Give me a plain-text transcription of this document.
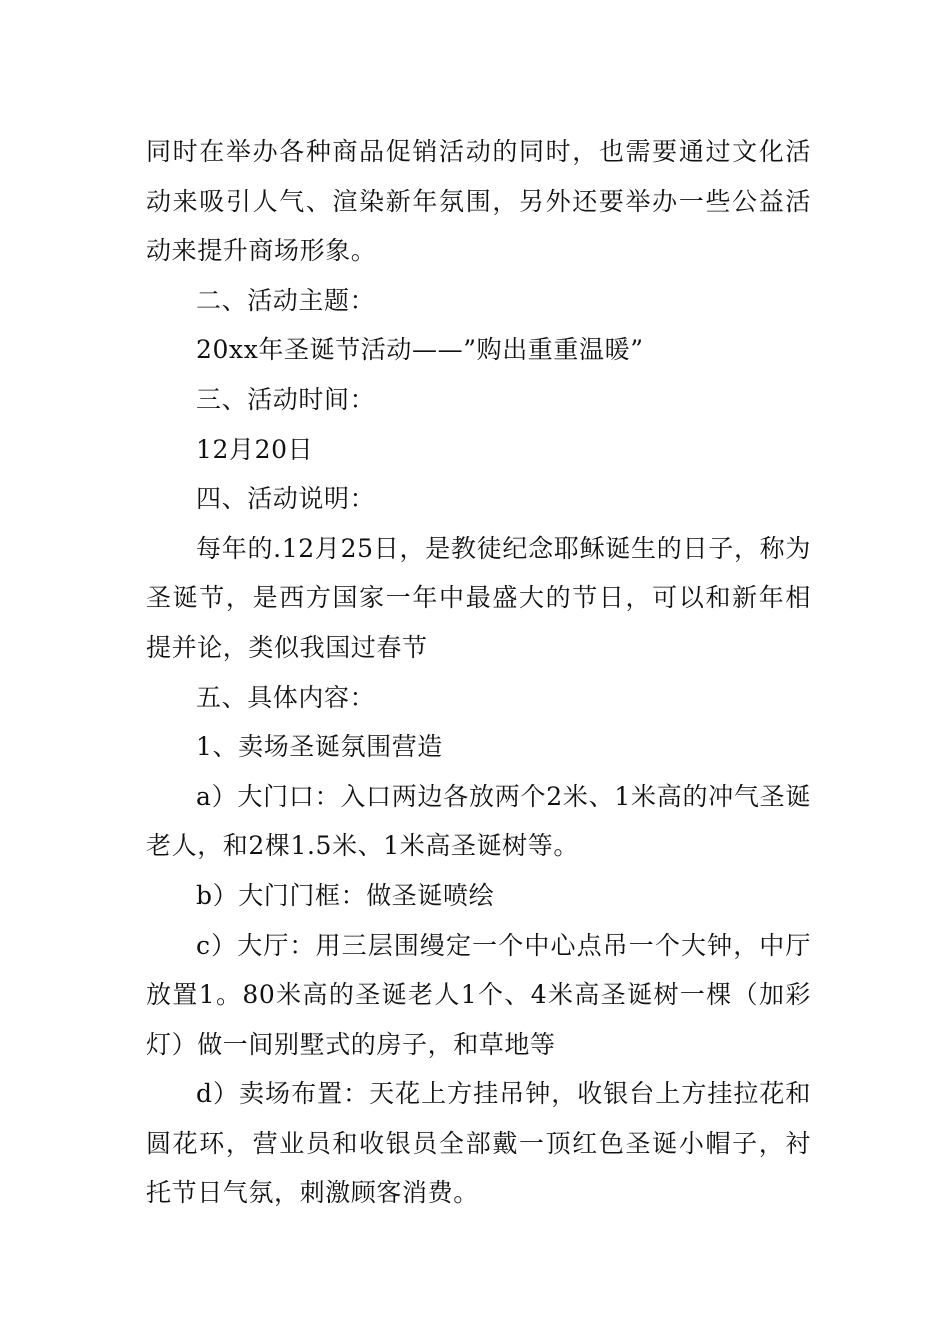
同时在举办各种商品促销活动的同时，也需要通过文化活动来吸引人气、渲染新年氛围，另外还要举办一些公益活动来提升商场形象。

二、活动主题：

20xx年圣诞节活动——”购出重重温暖”

三、活动时间：

12月20日

四、活动说明：

每年的.12月25日，是教徒纪念耶稣诞生的日子，称为圣诞节，是西方国家一年中最盛大的节日，可以和新年相提并论，类似我国过春节

五、具体内容：

1、卖场圣诞氛围营造

a）大门口：入口两边各放两个2米、1米高的冲气圣诞老人，和2棵1.5米、1米高圣诞树等。

b）大门门框：做圣诞喷绘

c）大厅：用三层围缦定一个中心点吊一个大钟，中厅放置1。80米高的圣诞老人1个、4米高圣诞树一棵（加彩灯）做一间别墅式的房子，和草地等

d）卖场布置：天花上方挂吊钟，收银台上方挂拉花和圆花环，营业员和收银员全部戴一顶红色圣诞小帽子，衬托节日气氛，刺激顾客消费。
